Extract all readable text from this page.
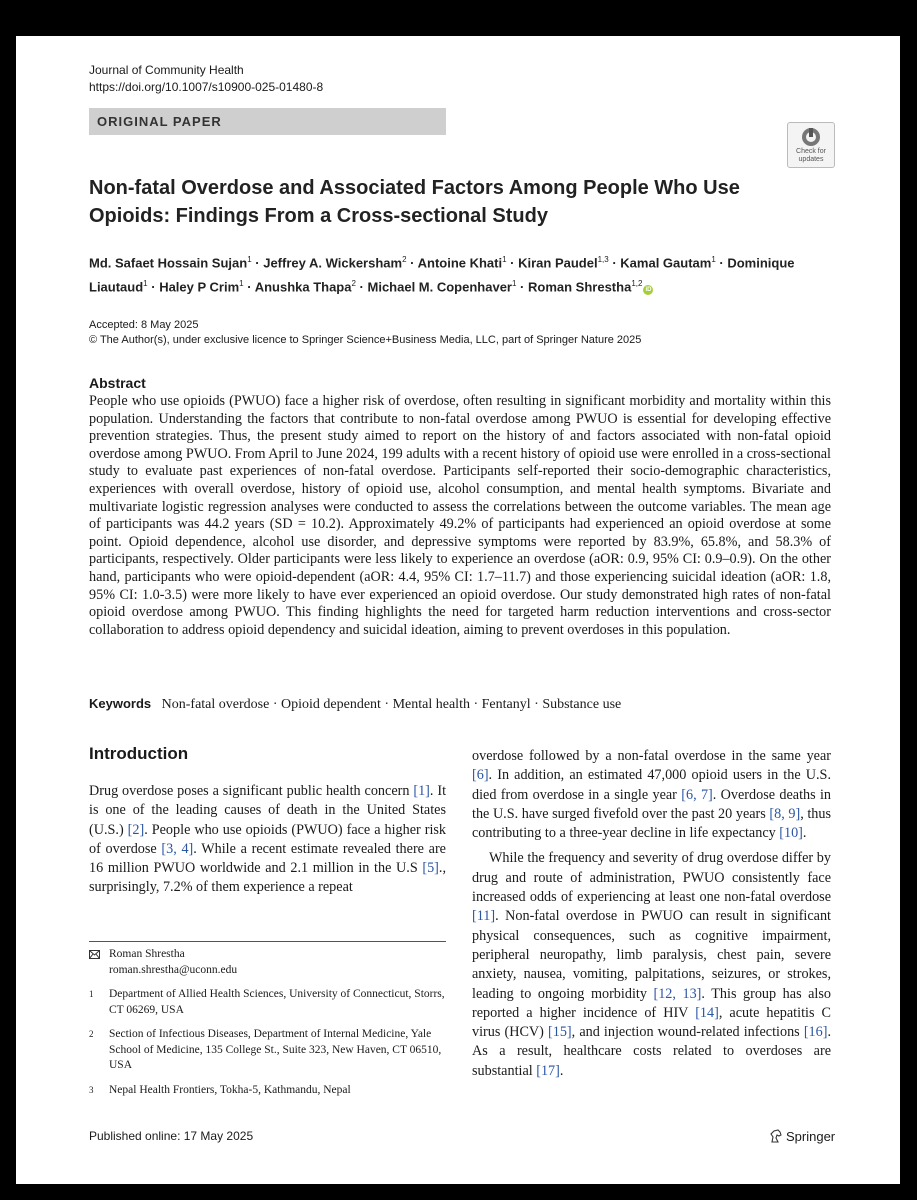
Journal of Community Health
https://doi.org/10.1007/s10900-025-01480-8
ORIGINAL PAPER
Check for
updates
Non-fatal Overdose and Associated Factors Among People Who Use Opioids: Findings From a Cross-sectional Study
Md. Safaet Hossain Sujan$^1$ · Jeffrey A. Wickersham$^2$ · Antoine Khati$^1$ · Kiran Paudel$^{1,3}$ · Kamal Gautam$^1$ · Dominique Liautaud$^1$ · Haley P Crim$^1$ · Anushka Thapa$^2$ · Michael M. Copenhaver$^1$ · Roman Shrestha$^{1,2}$iD
Accepted: 8 May 2025
© The Author(s), under exclusive licence to Springer Science+Business Media, LLC, part of Springer Nature 2025
Abstract
People who use opioids (PWUO) face a higher risk of overdose, often resulting in significant morbidity and mortality within this population. Understanding the factors that contribute to non-fatal overdose among PWUO is essential for developing effective prevention strategies. Thus, the present study aimed to report on the history of and factors associated with non-fatal opioid overdose among PWUO. From April to June 2024, 199 adults with a recent history of opioid use were enrolled in a cross-sectional study to evaluate past experiences of non-fatal overdose. Participants self-reported their socio-demographic characteristics, experiences with overall overdose, history of opioid use, alcohol consumption, and mental health symptoms. Bivariate and multivariate logistic regression analyses were conducted to assess the correlations between the outcome variables. The mean age of participants was 44.2 years (SD = 10.2). Approximately 49.2% of participants had experienced an opioid overdose at some point. Opioid dependence, alcohol use disorder, and depressive symptoms were reported by 83.9%, 65.8%, and 58.3% of participants, respectively. Older participants were less likely to experience an overdose (aOR: 0.9, 95% CI: 0.9–0.9). On the other hand, participants who were opioid-dependent (aOR: 4.4, 95% CI: 1.7–11.7) and those experiencing suicidal ideation (aOR: 1.8, 95% CI: 1.0-3.5) were more likely to have ever experienced an opioid overdose. Our study demonstrated high rates of non-fatal opioid overdose among PWUO. This finding highlights the need for targeted harm reduction interventions and cross-sector collaboration to address opioid dependency and suicidal ideation, aiming to prevent overdoses in this population.
Keywords Non-fatal overdose · Opioid dependent · Mental health · Fentanyl · Substance use
Introduction
Drug overdose poses a significant public health concern [1]. It is one of the leading causes of death in the United States (U.S.) [2]. People who use opioids (PWUO) face a higher risk of overdose [3, 4]. While a recent estimate revealed there are 16 million PWUO worldwide and 2.1 million in the U.S [5]., surprisingly, 7.2% of them experience a repeat

overdose followed by a non-fatal overdose in the same year [6]. In addition, an estimated 47,000 opioid users in the U.S. died from overdose in a single year [6, 7]. Overdose deaths in the U.S. have surged fivefold over the past 20 years [8, 9], thus contributing to a three-year decline in life expectancy [10].

While the frequency and severity of drug overdose differ by drug and route of administration, PWUO consistently face increased odds of experiencing at least one non-fatal overdose [11]. Non-fatal overdose in PWUO can result in significant physical consequences, such as cognitive impairment, peripheral neuropathy, limb paralysis, chest pain, severe anxiety, nausea, vomiting, palpitations, seizures, or strokes, leading to ongoing morbidity [12, 13]. This group has also reported a higher incidence of HIV [14], acute hepatitis C virus (HCV) [15], and injection wound-related infections [16]. As a result, healthcare costs related to overdoses are substantial [17].

Roman Shrestha
roman.shrestha@uconn.edu
1 Department of Allied Health Sciences, University of Connecticut, Storrs, CT 06269, USA
2 Section of Infectious Diseases, Department of Internal Medicine, Yale School of Medicine, 135 College St., Suite 323, New Haven, CT 06510, USA
3 Nepal Health Frontiers, Tokha-5, Kathmandu, Nepal
Published online: 17 May 2025	Springer
